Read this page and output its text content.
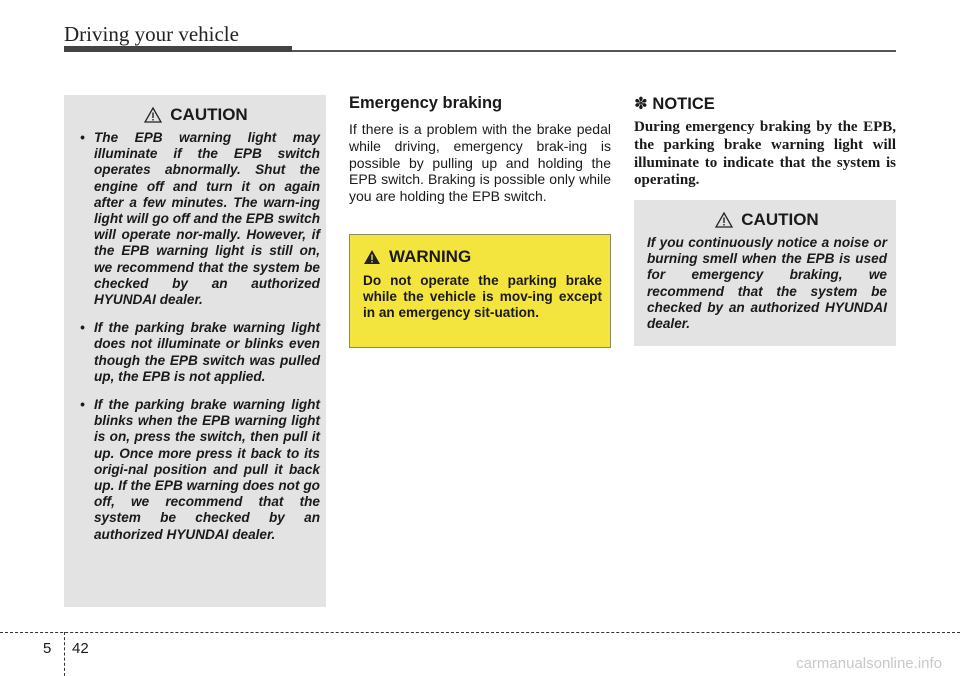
Driving your vehicle
CAUTION
• The EPB warning light may illuminate if the EPB switch operates abnormally. Shut the engine off and turn it on again after a few minutes. The warn-ing light will go off and the EPB switch will operate nor-mally. However, if the EPB warning light is still on, we recommend that the system be checked by an authorized HYUNDAI dealer.
• If the parking brake warning light does not illuminate or blinks even though the EPB switch was pulled up, the EPB is not applied.
• If the parking brake warning light blinks when the EPB warning light is on, press the switch, then pull it up. Once more press it back to its origi-nal position and pull it back up. If the EPB warning does not go off, we recommend that the system be checked by an authorized HYUNDAI dealer.
Emergency braking
If there is a problem with the brake pedal while driving, emergency brak-ing is possible by pulling up and holding the EPB switch. Braking is possible only while you are holding the EPB switch.
WARNING
Do not operate the parking brake while the vehicle is mov-ing except in an emergency sit-uation.
✽ NOTICE
During emergency braking by the EPB, the parking brake warning light will illuminate to indicate that the system is operating.
CAUTION
If you continuously notice a noise or burning smell when the EPB is used for emergency braking, we recommend that the system be checked by an authorized HYUNDAI dealer.
5 42
carmanualsonline.info
